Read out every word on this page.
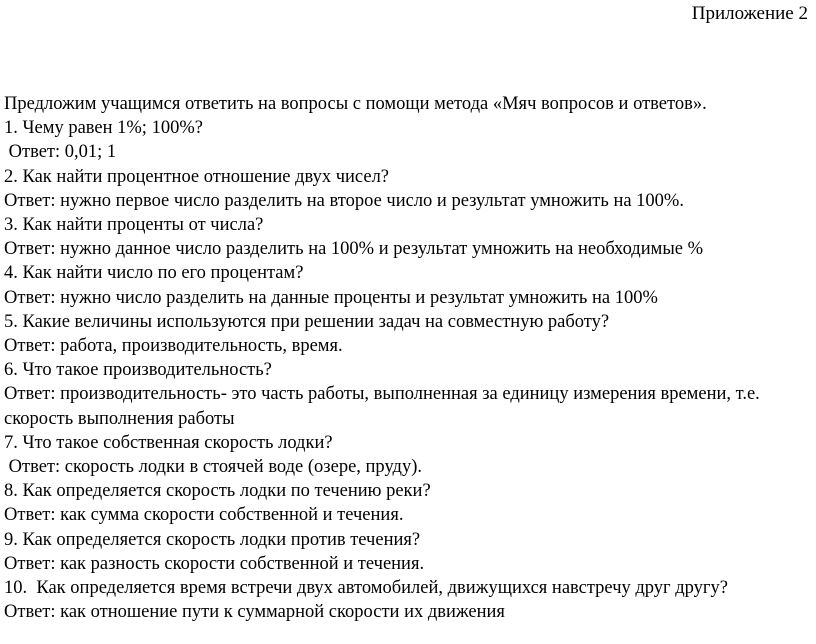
Приложение 2
Предложим учащимся ответить на вопросы с помощи метода «Мяч вопросов и ответов».
1. Чему равен 1%; 100%?
Ответ: 0,01; 1
2. Как найти процентное отношение двух чисел?
Ответ: нужно первое число разделить на второе число и результат умножить на 100%.
3. Как найти проценты от числа?
Ответ: нужно данное число разделить на 100% и результат умножить на необходимые %
4. Как найти число по его процентам?
Ответ: нужно число разделить на данные проценты и результат умножить на 100%
5. Какие величины используются при решении задач на совместную работу?
Ответ: работа, производительность, время.
6. Что такое производительность?
Ответ: производительность- это часть работы, выполненная за единицу измерения времени, т.е. скорость выполнения работы
7. Что такое собственная скорость лодки?
Ответ: скорость лодки в стоячей воде (озере, пруду).
8. Как определяется скорость лодки по течению реки?
Ответ: как сумма скорости собственной и течения.
9. Как определяется скорость лодки против течения?
Ответ: как разность скорости собственной и течения.
10.  Как определяется время встречи двух автомобилей, движущихся навстречу друг другу?
Ответ: как отношение пути к суммарной скорости их движения
